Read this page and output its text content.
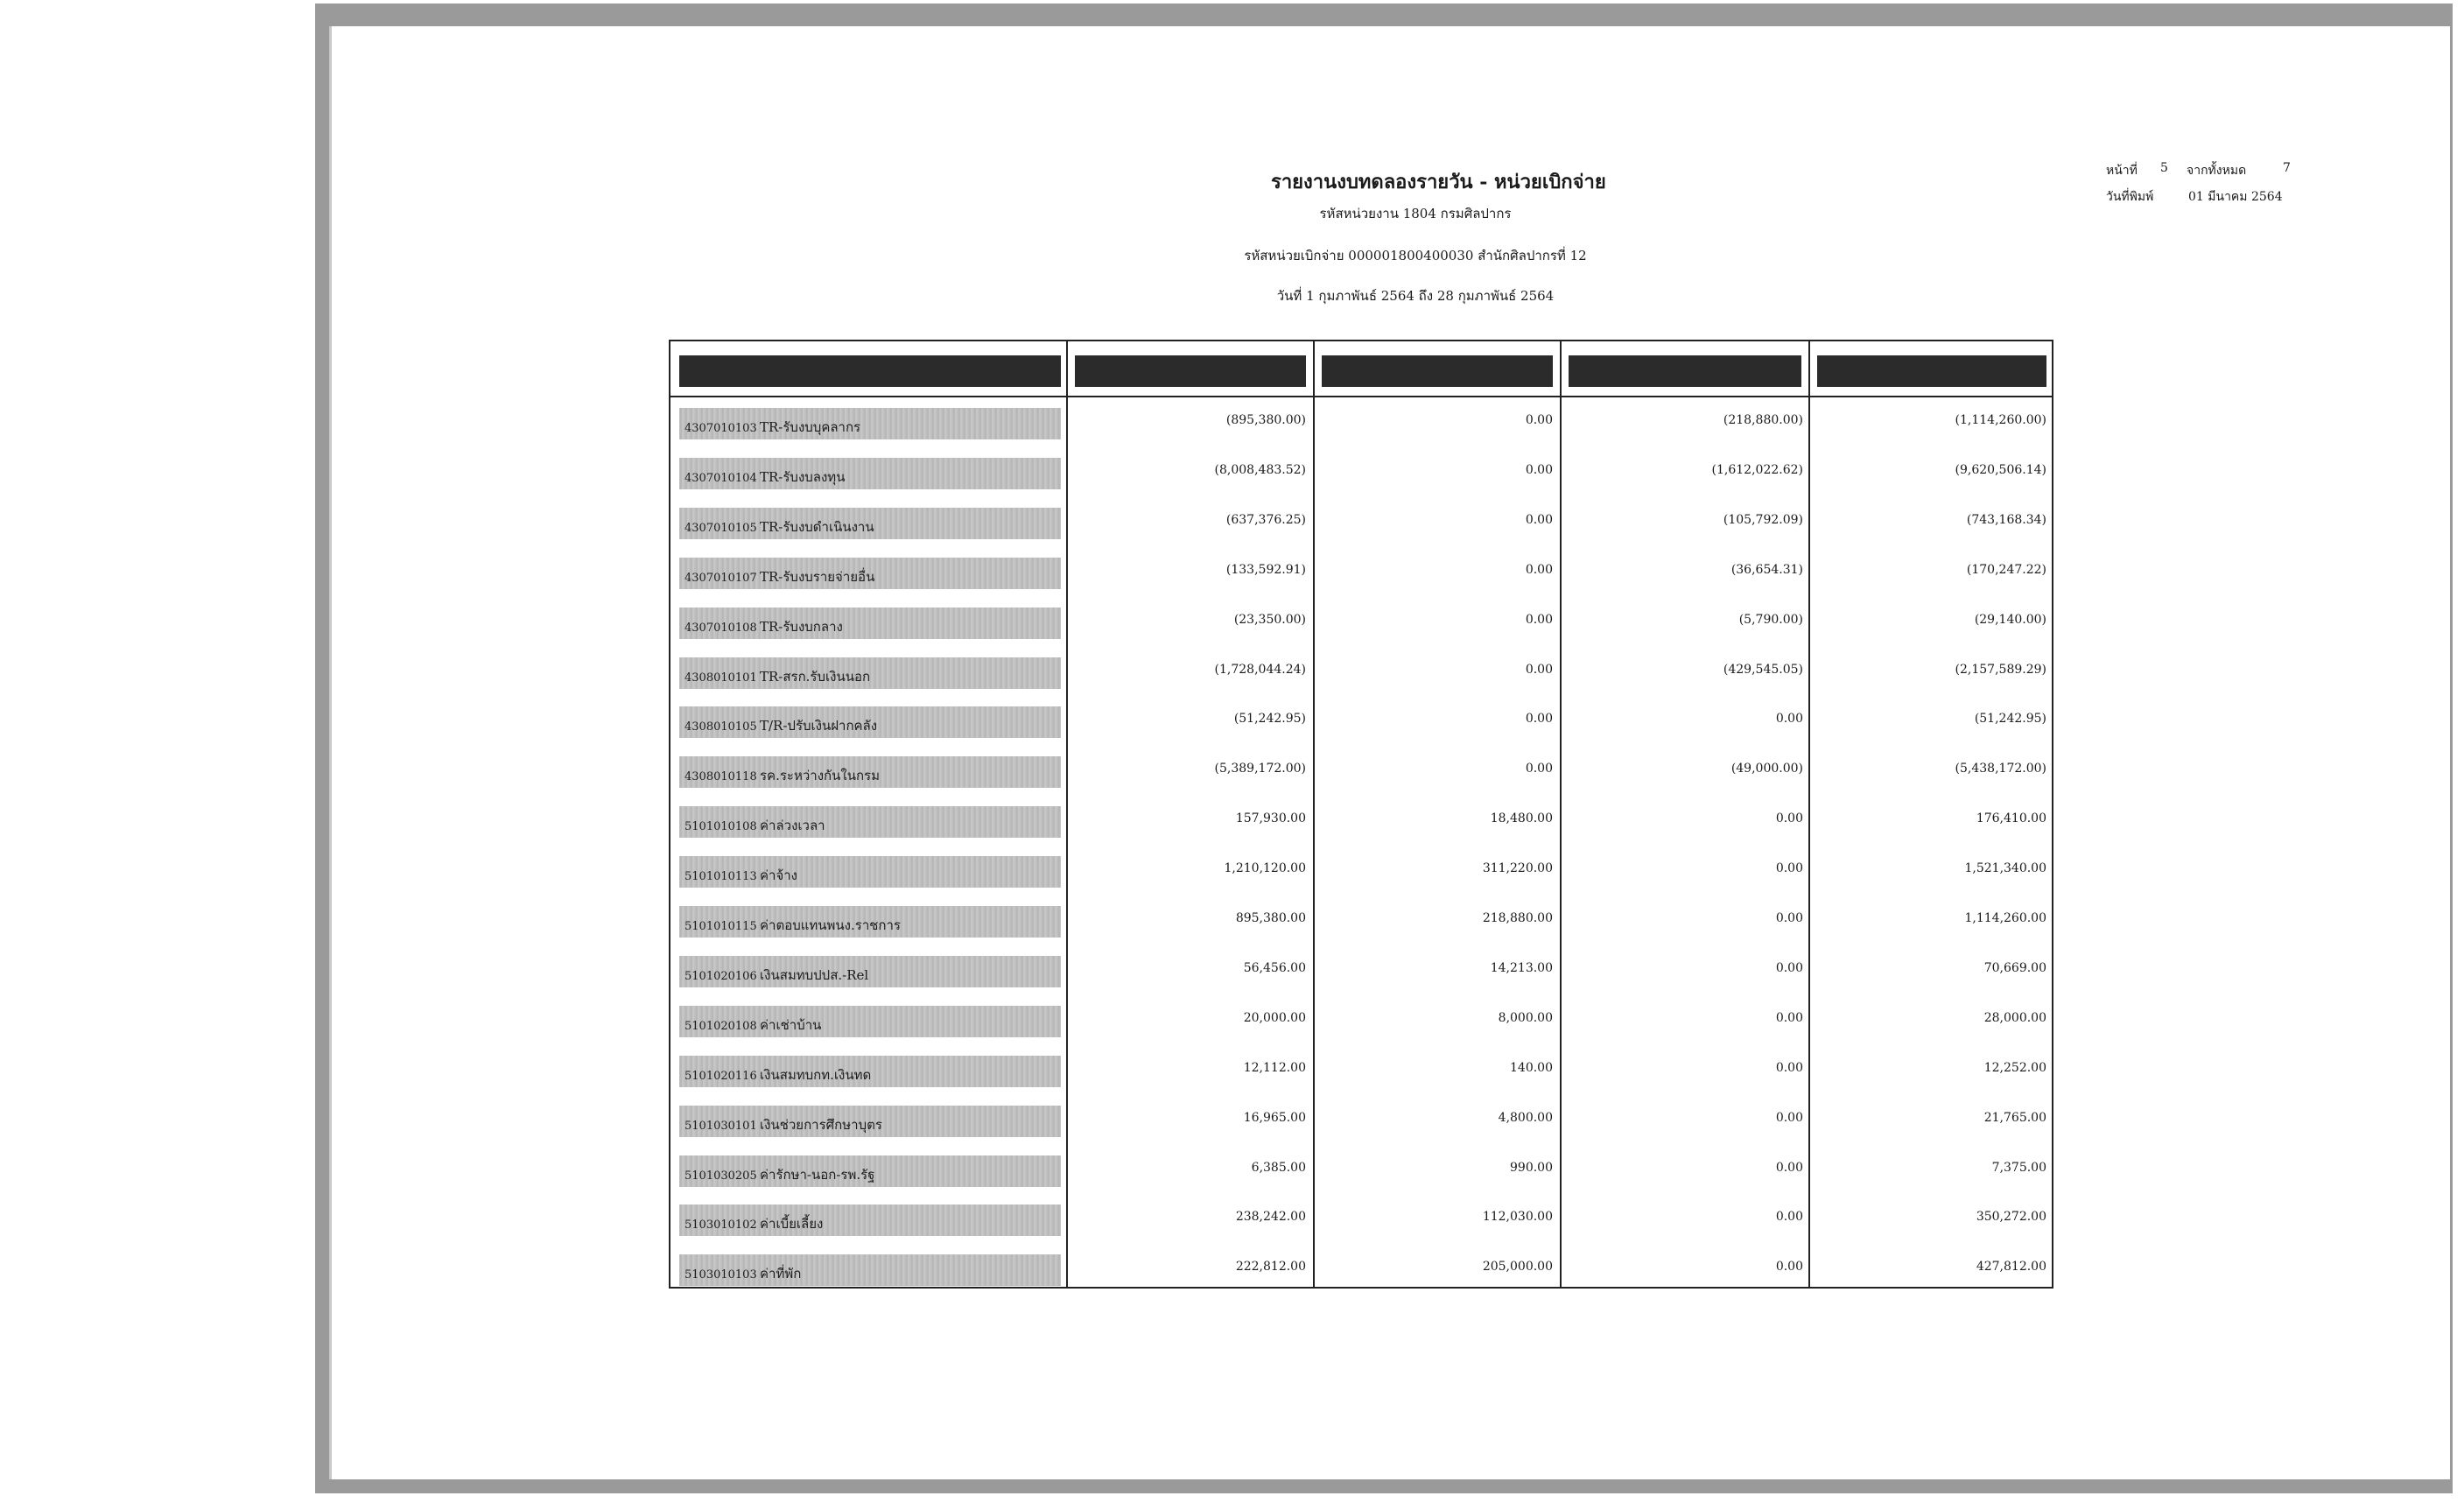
รายงานงบทดลองรายวัน - หน่วยเบิกจ่าย
รหัสหน่วยงาน 1804 กรมศิลปากร
รหัสหน่วยเบิกจ่าย 000001800400030 สำนักศิลปากรที่ 12
วันที่ 1 กุมภาพันธ์ 2564 ถึง 28 กุมภาพันธ์ 2564
หน้าที่ 5 จากทั้งหมด	7
วันที่พิมพ์	01 มีนาคม 2564
4307010103 TR-รับงบบุคลากร	(895,380.00)	0.00	(218,880.00)	(1,114,260.00)
4307010104 TR-รับงบลงทุน	(8,008,483.52)	0.00	(1,612,022.62)	(9,620,506.14)
4307010105 TR-รับงบดำเนินงาน	(637,376.25)	0.00	(105,792.09)	(743,168.34)
4307010107 TR-รับงบรายจ่ายอื่น	(133,592.91)	0.00	(36,654.31)	(170,247.22)
4307010108 TR-รับงบกลาง	(23,350.00)	0.00	(5,790.00)	(29,140.00)
4308010101 TR-สรก.รับเงินนอก	(1,728,044.24)	0.00	(429,545.05)	(2,157,589.29)
4308010105 T/R-ปรับเงินฝากคลัง	(51,242.95)	0.00	0.00	(51,242.95)
4308010118 รค.ระหว่างกันในกรม	(5,389,172.00)	0.00	(49,000.00)	(5,438,172.00)
5101010108 ค่าล่วงเวลา	157,930.00	18,480.00	0.00	176,410.00
5101010113 ค่าจ้าง	1,210,120.00	311,220.00	0.00	1,521,340.00
5101010115 ค่าตอบแทนพนง.ราชการ	895,380.00	218,880.00	0.00	1,114,260.00
5101020106 เงินสมทบปปส.-Rel	56,456.00	14,213.00	0.00	70,669.00
5101020108 ค่าเช่าบ้าน	20,000.00	8,000.00	0.00	28,000.00
5101020116 เงินสมทบกท.เงินทด	12,112.00	140.00	0.00	12,252.00
5101030101 เงินช่วยการศึกษาบุตร	16,965.00	4,800.00	0.00	21,765.00
5101030205 ค่ารักษา-นอก-รพ.รัฐ	6,385.00	990.00	0.00	7,375.00
5103010102 ค่าเบี้ยเลี้ยง	238,242.00	112,030.00	0.00	350,272.00
5103010103 ค่าที่พัก	222,812.00	205,000.00	0.00	427,812.00
